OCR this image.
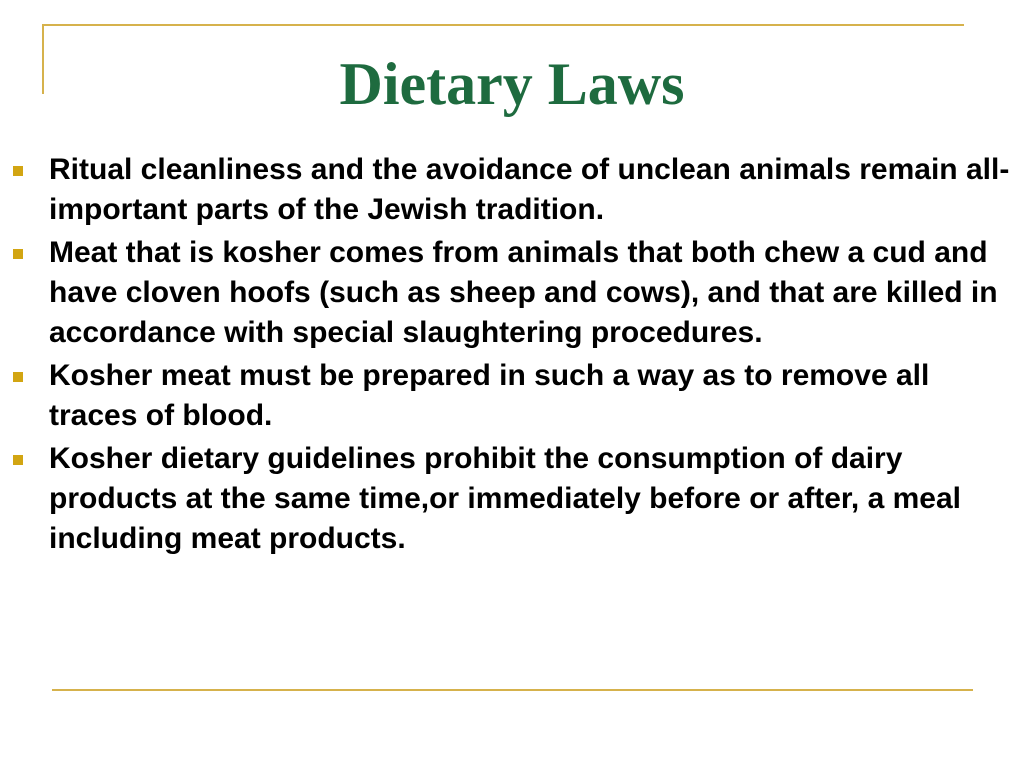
Dietary Laws
Ritual cleanliness and the avoidance of unclean animals remain all-important parts of the Jewish tradition.
Meat that is kosher comes from animals that both chew a cud and have cloven hoofs (such as sheep and cows), and that are killed in accordance with special slaughtering procedures.
Kosher meat must be prepared in such a way as to remove all traces of blood.
Kosher dietary guidelines prohibit the consumption of dairy products at the same time,or immediately before or after, a meal including meat products.
